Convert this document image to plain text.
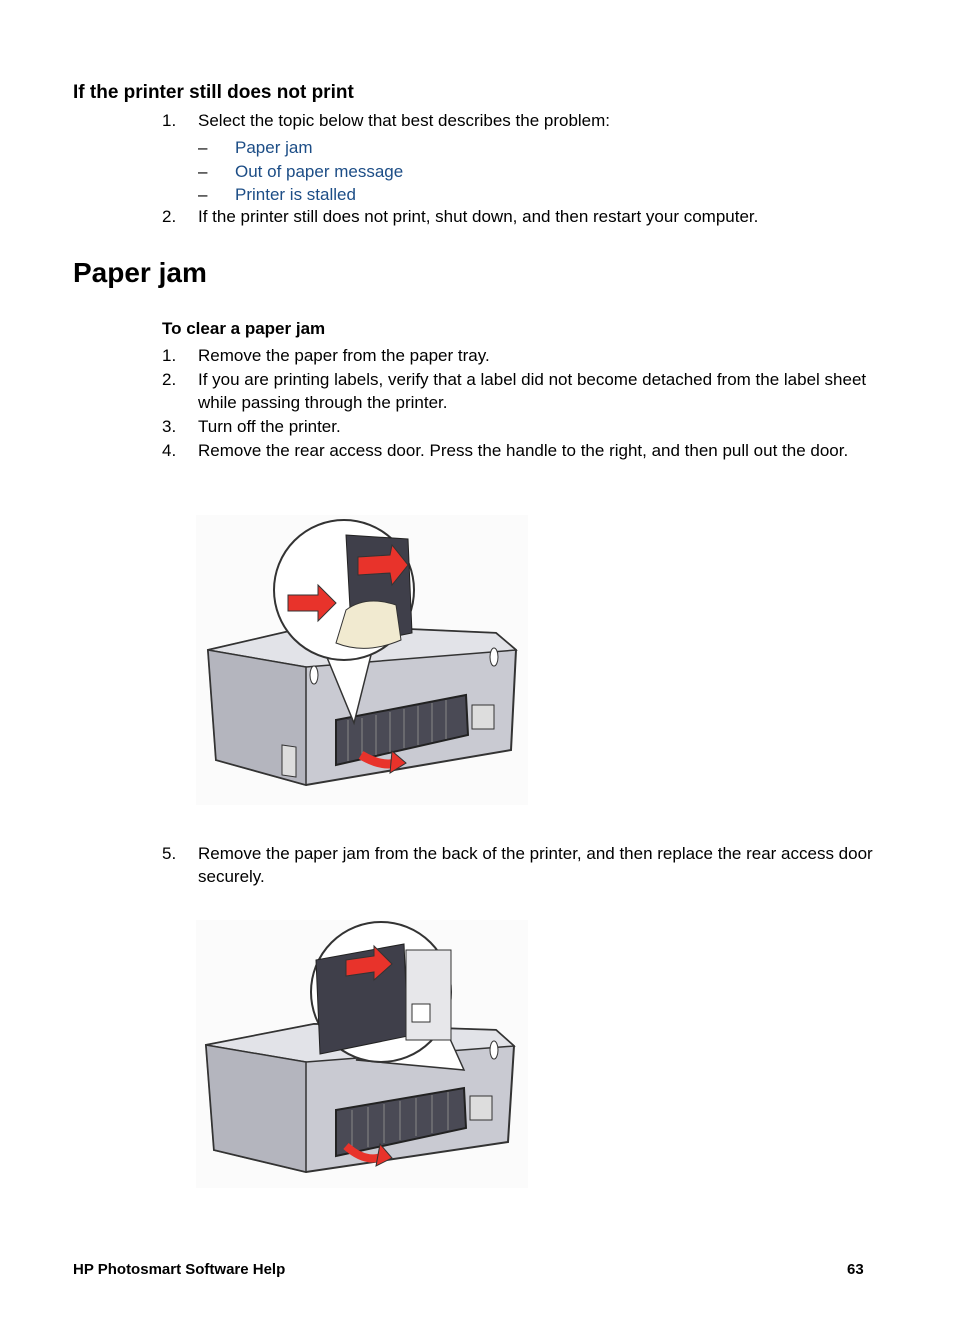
If the printer still does not print
1. Select the topic below that best describes the problem:
– Paper jam
– Out of paper message
– Printer is stalled
2. If the printer still does not print, shut down, and then restart your computer.
Paper jam
To clear a paper jam
1. Remove the paper from the paper tray.
2. If you are printing labels, verify that a label did not become detached from the label sheet while passing through the printer.
3. Turn off the printer.
4. Remove the rear access door. Press the handle to the right, and then pull out the door.
5. Remove the paper jam from the back of the printer, and then replace the rear access door securely.
HP Photosmart Software Help	63
